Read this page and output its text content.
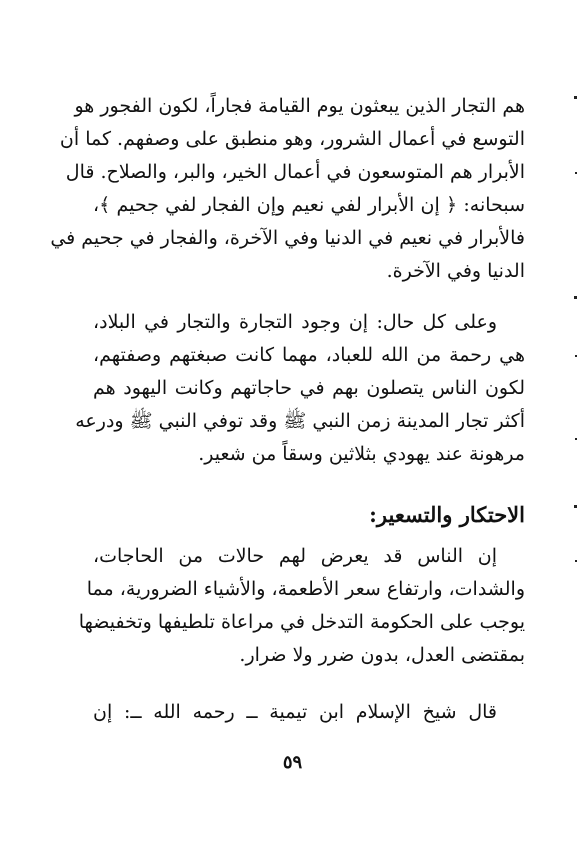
هم التجار الذين يبعثون يوم القيامة فجاراً، لكون الفجور هو
التوسع في أعمال الشرور، وهو منطبق على وصفهم. كما أن
الأبرار هم المتوسعون في أعمال الخير، والبر، والصلاح. قال
سبحانه: ﴿ إن الأبرار لفي نعيم وإن الفجار لفي جحيم ﴾،
فالأبرار في نعيم في الدنيا وفي الآخرة، والفجار في جحيم في
الدنيا وفي الآخرة.
وعلى كل حال: إن وجود التجارة والتجار في البلاد،
هي رحمة من الله للعباد، مهما كانت صبغتهم وصفتهم،
لكون الناس يتصلون بهم في حاجاتهم وكانت اليهود هم
أكثر تجار المدينة زمن النبي ﷺ وقد توفي النبي ﷺ ودرعه
مرهونة عند يهودي بثلاثين وسقاً من شعير.
الاحتكار والتسعير:
إن الناس قد يعرض لهم حالات من الحاجات،
والشدات، وارتفاع سعر الأطعمة، والأشياء الضرورية، مما
يوجب على الحكومة التدخل في مراعاة تلطيفها وتخفيضها
بمقتضى العدل، بدون ضرر ولا ضرار.
قال شيخ الإسلام ابن تيمية ــ رحمه الله ــ: إن
٥٩
